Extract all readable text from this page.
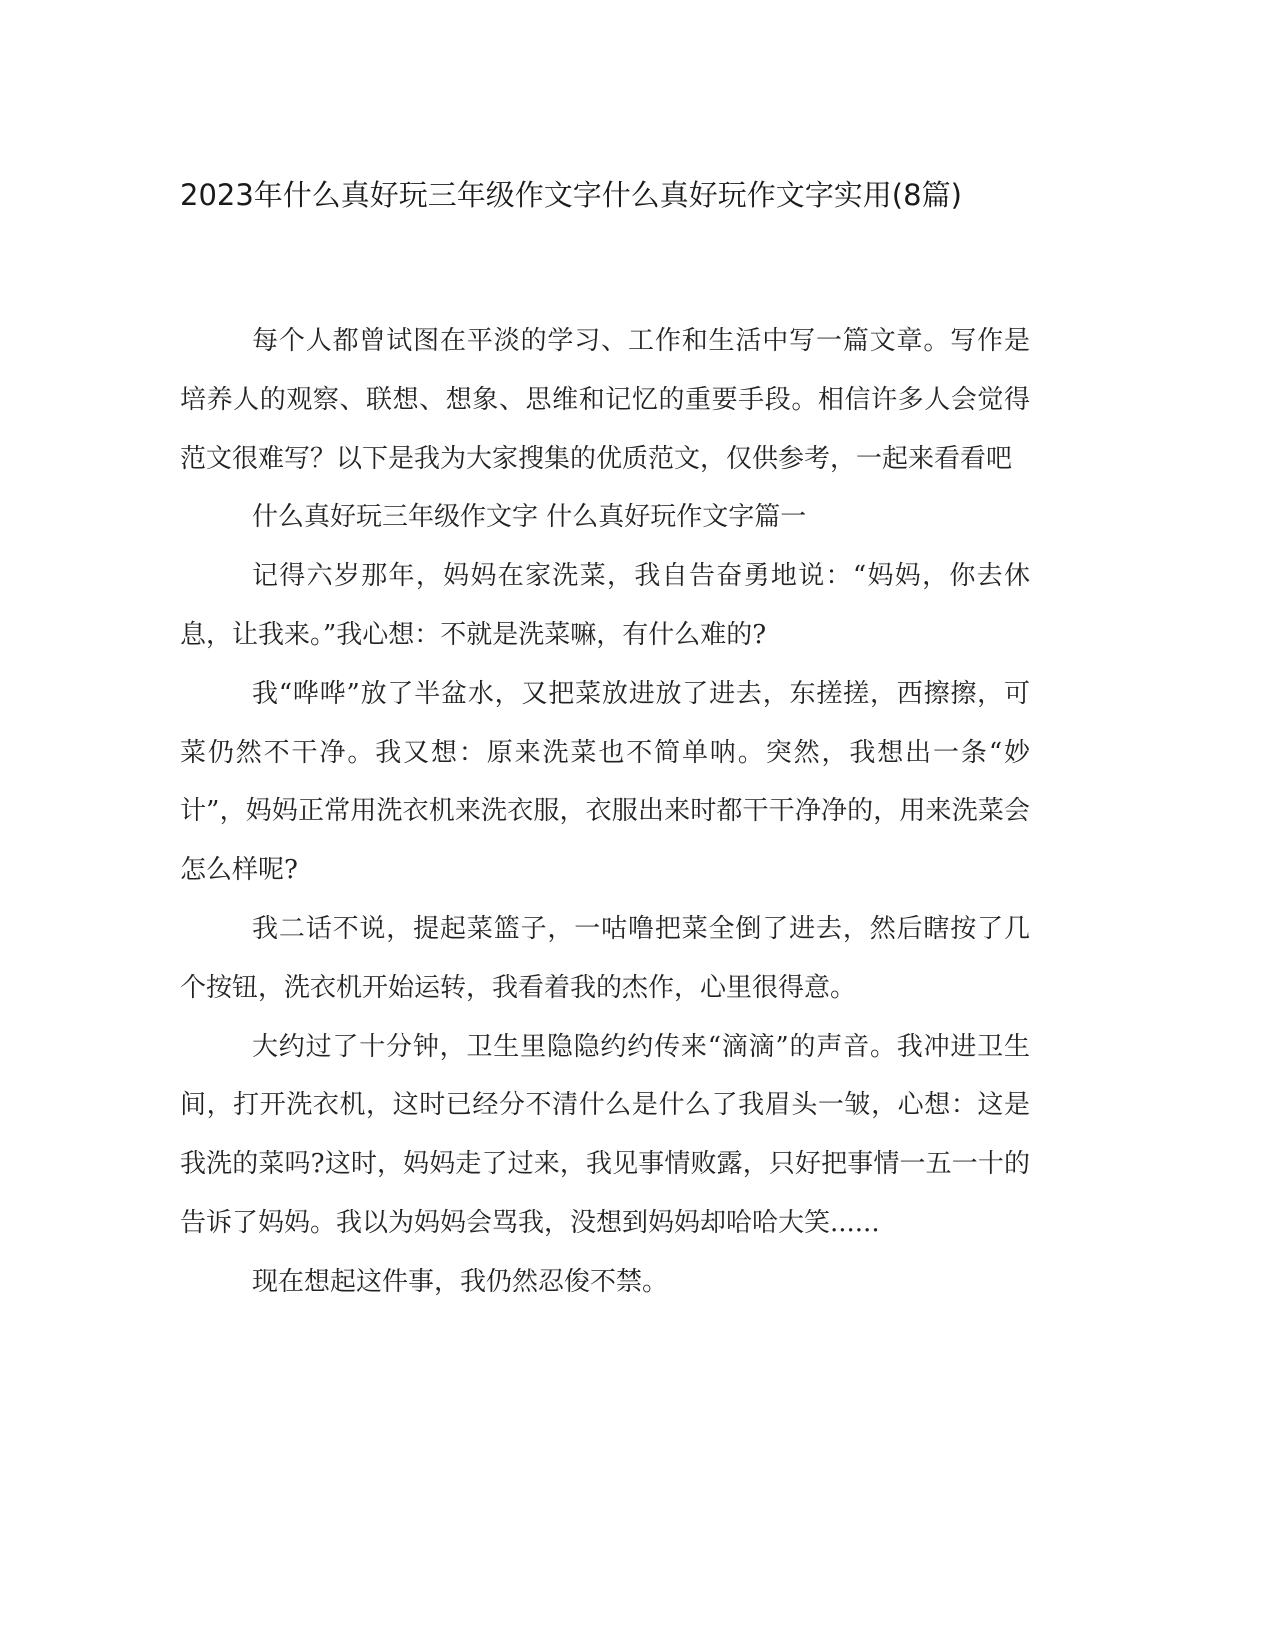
2023年什么真好玩三年级作文字什么真好玩作文字实用(8篇)

每个人都曾试图在平淡的学习、工作和生活中写一篇文章。写作是培养人的观察、联想、想象、思维和记忆的重要手段。相信许多人会觉得范文很难写？以下是我为大家搜集的优质范文，仅供参考，一起来看看吧

什么真好玩三年级作文字 什么真好玩作文字篇一

记得六岁那年，妈妈在家洗菜，我自告奋勇地说：“妈妈，你去休息，让我来。”我心想：不就是洗菜嘛，有什么难的?

我“哗哗”放了半盆水，又把菜放进放了进去，东搓搓，西擦擦，可菜仍然不干净。我又想：原来洗菜也不简单呐。突然，我想出一条“妙计”，妈妈正常用洗衣机来洗衣服，衣服出来时都干干净净的，用来洗菜会怎么样呢?

我二话不说，提起菜篮子，一咕噜把菜全倒了进去，然后瞎按了几个按钮，洗衣机开始运转，我看着我的杰作，心里很得意。

大约过了十分钟，卫生里隐隐约约传来“滴滴”的声音。我冲进卫生间，打开洗衣机，这时已经分不清什么是什么了我眉头一皱，心想：这是我洗的菜吗?这时，妈妈走了过来，我见事情败露，只好把事情一五一十的告诉了妈妈。我以为妈妈会骂我，没想到妈妈却哈哈大笑......

现在想起这件事，我仍然忍俊不禁。
